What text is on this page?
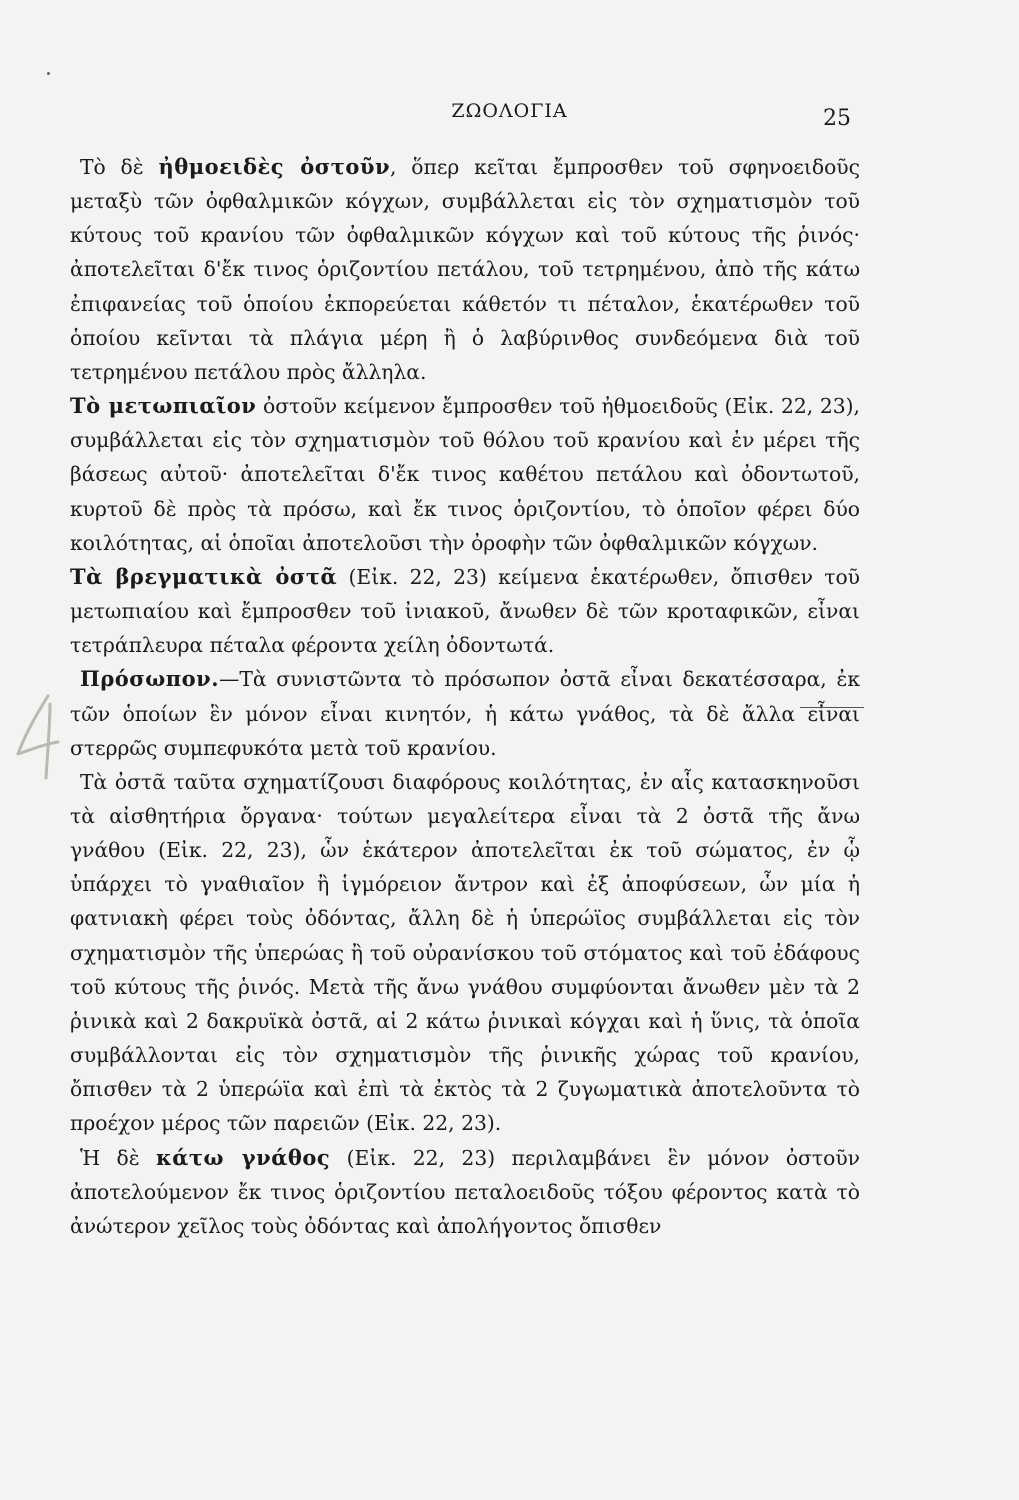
ΖΩΟΛΟΓΙΑ	25

Τὸ δὲ ἠθμοειδὲς ὀστοῦν, ὅπερ κεῖται ἔμπροσθεν τοῦ σφηνοειδοῦς μεταξὺ τῶν ὀφθαλμικῶν κόγχων, συμβάλλεται εἰς τὸν σχηματισμὸν τοῦ κύτους τοῦ κρανίου τῶν ὀφθαλμικῶν κόγχων καὶ τοῦ κύτους τῆς ῥινός· ἀποτελεῖται δ'ἔκ τινος ὁριζοντίου πετάλου, τοῦ τετρημένου, ἀπὸ τῆς κάτω ἐπιφανείας τοῦ ὁποίου ἐκπορεύεται κάθετόν τι πέταλον, ἑκατέρωθεν τοῦ ὁποίου κεῖνται τὰ πλάγια μέρη ἢ ὁ λαβύρινθος συνδεόμενα διὰ τοῦ τετρημένου πετάλου πρὸς ἄλληλα.

Τὸ μετωπιαῖον ὀστοῦν κείμενον ἔμπροσθεν τοῦ ἠθμοειδοῦς (Εἰκ. 22, 23), συμβάλλεται εἰς τὸν σχηματισμὸν τοῦ θόλου τοῦ κρανίου καὶ ἐν μέρει τῆς βάσεως αὐτοῦ· ἀποτελεῖται δ'ἔκ τινος καθέτου πετάλου καὶ ὀδοντωτοῦ, κυρτοῦ δὲ πρὸς τὰ πρόσω, καὶ ἔκ τινος ὁριζοντίου, τὸ ὁποῖον φέρει δύο κοιλότητας, αἱ ὁποῖαι ἀποτελοῦσι τὴν ὀροφὴν τῶν ὀφθαλμικῶν κόγχων.

Τὰ βρεγματικὰ ὀστᾶ (Εἰκ. 22, 23) κείμενα ἑκατέρωθεν, ὄπισθεν τοῦ μετωπιαίου καὶ ἔμπροσθεν τοῦ ἰνιακοῦ, ἄνωθεν δὲ τῶν κροταφικῶν, εἶναι τετράπλευρα πέταλα φέροντα χείλη ὀδοντωτά.

Πρόσωπον.—Τὰ συνιστῶντα τὸ πρόσωπον ὀστᾶ εἶναι δεκατέσσαρα, ἐκ τῶν ὁποίων ἓν μόνον εἶναι κινητόν, ἡ κάτω γνάθος, τὰ δὲ ἄλλα εἶναι στερρῶς συμπεφυκότα μετὰ τοῦ κρανίου.

Τὰ ὀστᾶ ταῦτα σχηματίζουσι διαφόρους κοιλότητας, ἐν αἷς κατασκηνοῦσι τὰ αἰσθητήρια ὄργανα· τούτων μεγαλείτερα εἶναι τὰ 2 ὀστᾶ τῆς ἄνω γνάθου (Εἰκ. 22, 23), ὧν ἑκάτερον ἀποτελεῖται ἐκ τοῦ σώματος, ἐν ᾧ ὑπάρχει τὸ γναθιαῖον ἢ ἱγμόρειον ἄντρον καὶ ἐξ ἀποφύσεων, ὧν μία ἡ φατνιακὴ φέρει τοὺς ὀδόντας, ἄλλη δὲ ἡ ὑπερώϊος συμβάλλεται εἰς τὸν σχηματισμὸν τῆς ὑπερώας ἢ τοῦ οὐρανίσκου τοῦ στόματος καὶ τοῦ ἐδάφους τοῦ κύτους τῆς ῥινός. Μετὰ τῆς ἄνω γνάθου συμφύονται ἄνωθεν μὲν τὰ 2 ῥινικὰ καὶ 2 δακρυϊκὰ ὀστᾶ, αἱ 2 κάτω ῥινικαὶ κόγχαι καὶ ἡ ὕνις, τὰ ὁποῖα συμβάλλονται εἰς τὸν σχηματισμὸν τῆς ῥινικῆς χώρας τοῦ κρανίου, ὄπισθεν τὰ 2 ὑπερώϊα καὶ ἐπὶ τὰ ἐκτὸς τὰ 2 ζυγωματικὰ ἀποτελοῦντα τὸ προέχον μέρος τῶν παρειῶν (Εἰκ. 22, 23).

Ἡ δὲ κάτω γνάθος (Εἰκ. 22, 23) περιλαμβάνει ἓν μόνον ὀστοῦν ἀποτελούμενον ἔκ τινος ὁριζοντίου πεταλοειδοῦς τόξου φέροντος κατὰ τὸ ἀνώτερον χεῖλος τοὺς ὀδόντας καὶ ἀπολήγοντος ὄπισθεν
